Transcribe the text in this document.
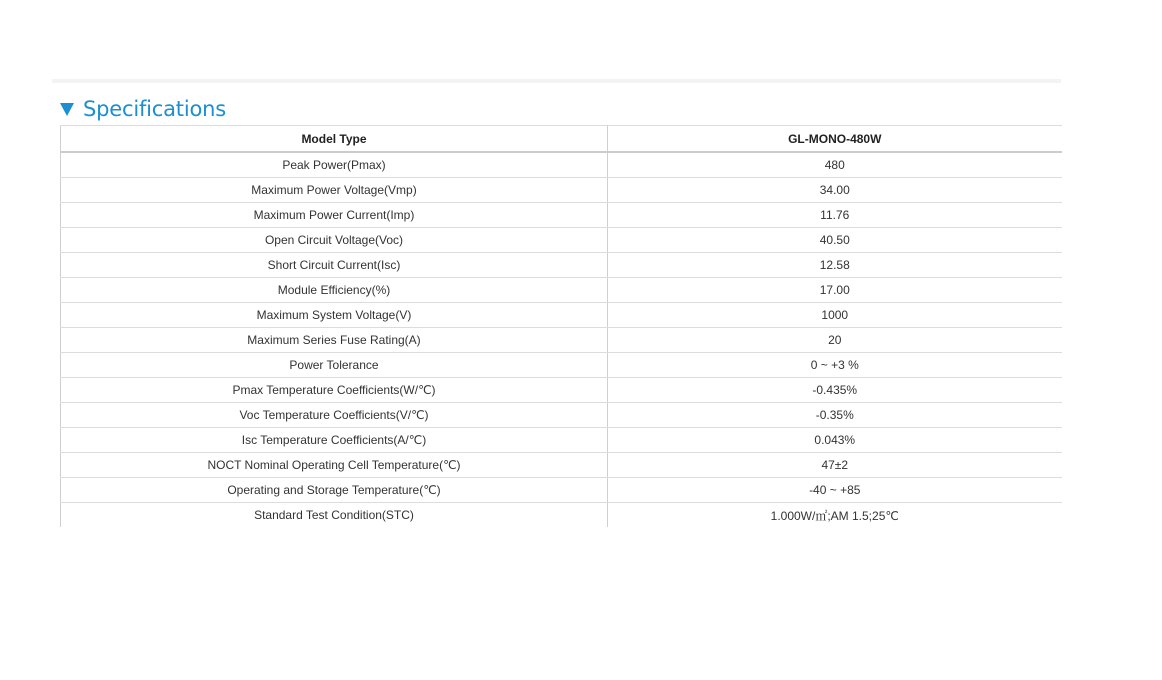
Specifications
Model Type	GL-MONO-480W
Peak Power(Pmax)	480
Maximum Power Voltage(Vmp)	34.00
Maximum Power Current(Imp)	11.76
Open Circuit Voltage(Voc)	40.50
Short Circuit Current(Isc)	12.58
Module Efficiency(%)	17.00
Maximum System Voltage(V)	1000
Maximum Series Fuse Rating(A)	20
Power Tolerance	0 ~ +3 %
Pmax Temperature Coefficients(W/℃)	-0.435%
Voc Temperature Coefficients(V/℃)	-0.35%
Isc Temperature Coefficients(A/℃)	0.043%
NOCT Nominal Operating Cell Temperature(℃)	47±2
Operating and Storage Temperature(℃)	-40 ~ +85
Standard Test Condition(STC)	1.000W/㎡;AM 1.5;25℃
